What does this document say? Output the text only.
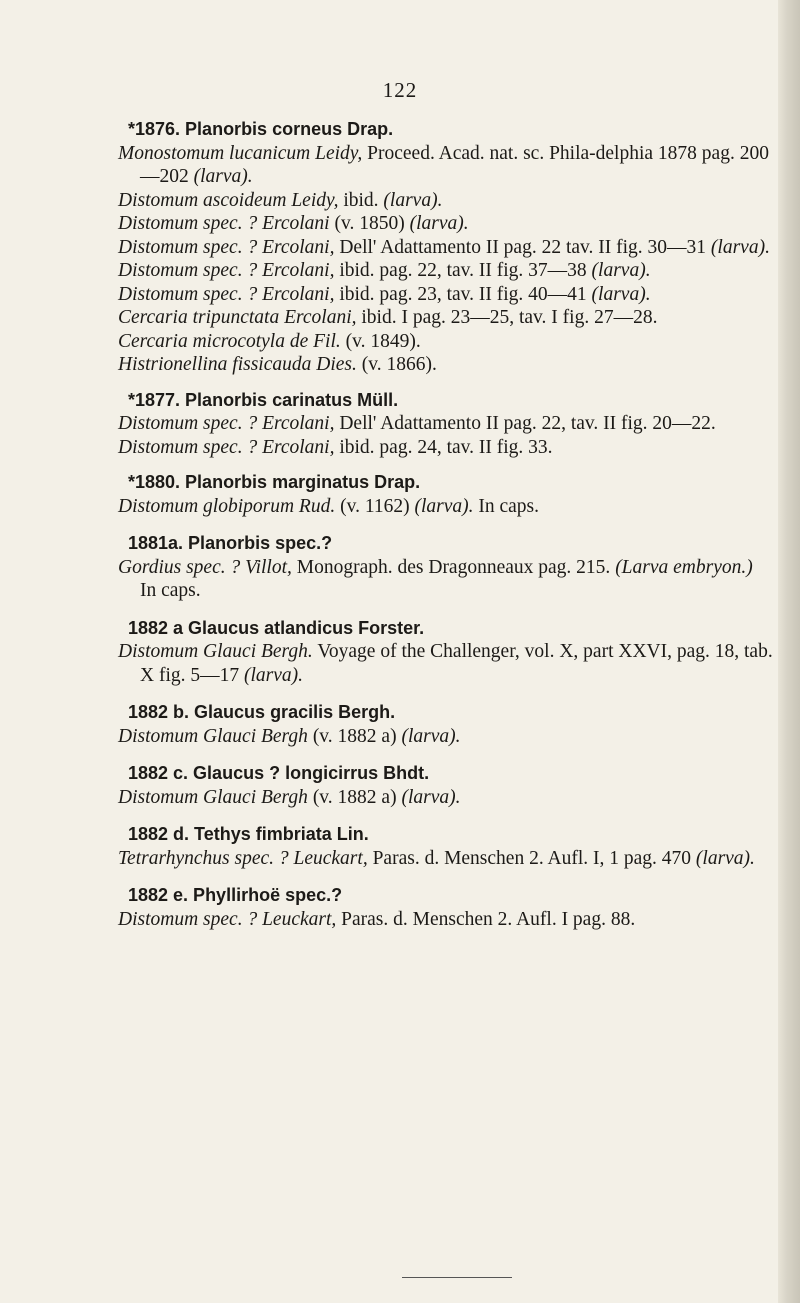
122
*1876. Planorbis corneus Drap.
Monostomum lucanicum Leidy, Proceed. Acad. nat. sc. Phila-delphia 1878 pag. 200—202 (larva).
Distomum ascoideum Leidy, ibid. (larva).
Distomum spec. ? Ercolani (v. 1850) (larva).
Distomum spec. ? Ercolani, Dell' Adattamento II pag. 22 tav. II fig. 30—31 (larva).
Distomum spec. ? Ercolani, ibid. pag. 22, tav. II fig. 37—38 (larva).
Distomum spec. ? Ercolani, ibid. pag. 23, tav. II fig. 40—41 (larva).
Cercaria tripunctata Ercolani, ibid. I pag. 23—25, tav. I fig. 27—28.
Cercaria microcotyla de Fil. (v. 1849).
Histrionellina fissicauda Dies. (v. 1866).
*1877. Planorbis carinatus Müll.
Distomum spec. ? Ercolani, Dell' Adattamento II pag. 22, tav. II fig. 20—22.
Distomum spec. ? Ercolani, ibid. pag. 24, tav. II fig. 33.
*1880. Planorbis marginatus Drap.
Distomum globiporum Rud. (v. 1162) (larva). In caps.
1881a. Planorbis spec.?
Gordius spec. ? Villot, Monograph. des Dragonneaux pag. 215. (Larva embryon.) In caps.
1882 a Glaucus atlandicus Forster.
Distomum Glauci Bergh. Voyage of the Challenger, vol. X, part XXVI, pag. 18, tab. X fig. 5—17 (larva).
1882 b. Glaucus gracilis Bergh.
Distomum Glauci Bergh (v. 1882 a) (larva).
1882 c. Glaucus ? longicirrus Bhdt.
Distomum Glauci Bergh (v. 1882 a) (larva).
1882 d. Tethys fimbriata Lin.
Tetrarhynchus spec. ? Leuckart, Paras. d. Menschen 2. Aufl. I, 1 pag. 470 (larva).
1882 e. Phyllirhoë spec.?
Distomum spec. ? Leuckart, Paras. d. Menschen 2. Aufl. I pag. 88.
